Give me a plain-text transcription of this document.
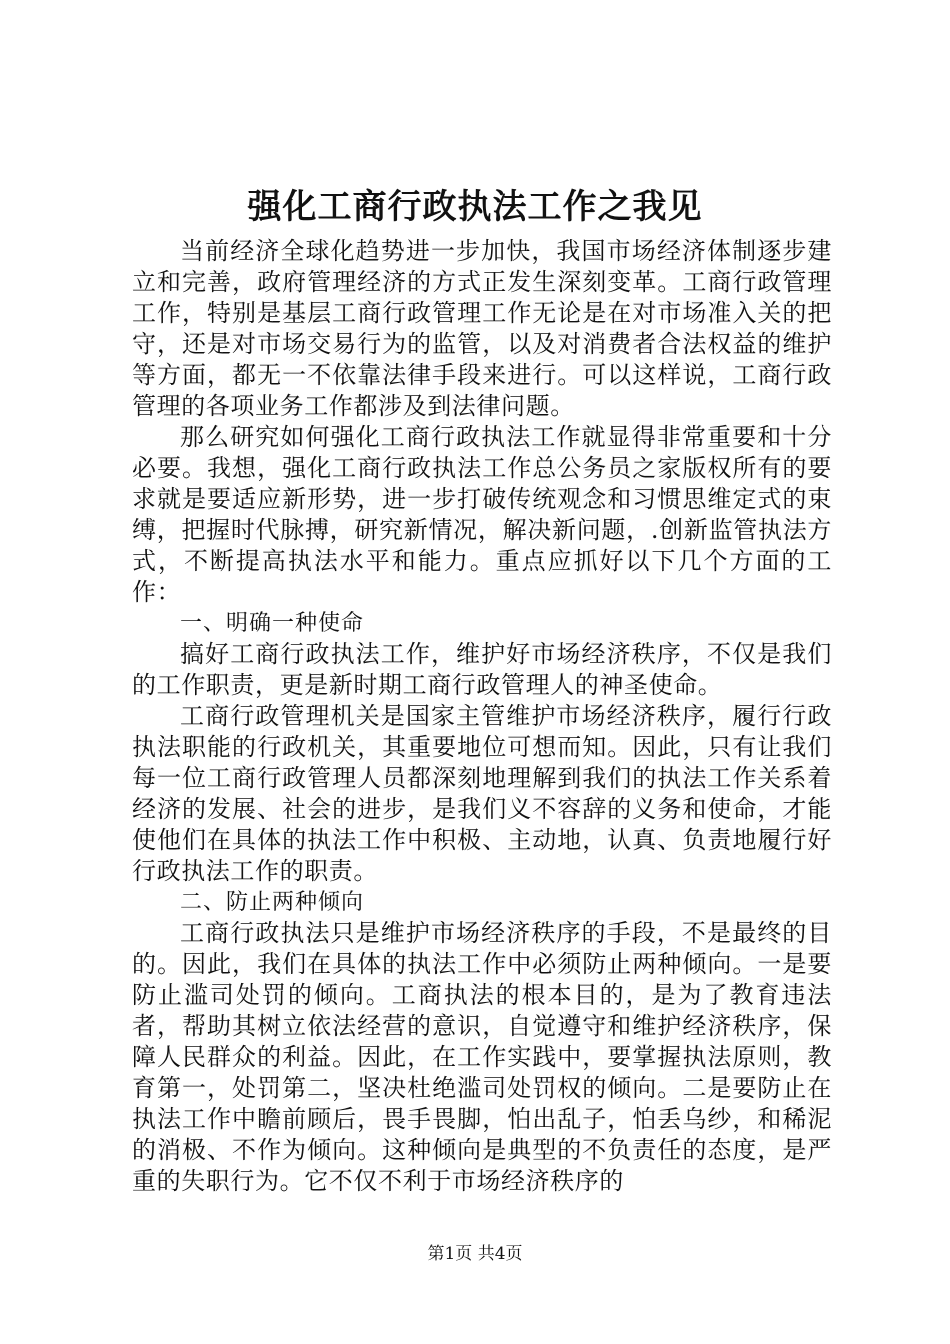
强化工商行政执法工作之我见

当前经济全球化趋势进一步加快，我国市场经济体制逐步建立和完善，政府管理经济的方式正发生深刻变革。工商行政管理工作，特别是基层工商行政管理工作无论是在对市场准入关的把守，还是对市场交易行为的监管，以及对消费者合法权益的维护等方面，都无一不依靠法律手段来进行。可以这样说，工商行政管理的各项业务工作都涉及到法律问题。

那么研究如何强化工商行政执法工作就显得非常重要和十分必要。我想，强化工商行政执法工作总公务员之家版权所有的要求就是要适应新形势，进一步打破传统观念和习惯思维定式的束缚，把握时代脉搏，研究新情况，解决新问题，.创新监管执法方式，不断提高执法水平和能力。重点应抓好以下几个方面的工作：

一、明确一种使命

搞好工商行政执法工作，维护好市场经济秩序，不仅是我们的工作职责，更是新时期工商行政管理人的神圣使命。

工商行政管理机关是国家主管维护市场经济秩序，履行行政执法职能的行政机关，其重要地位可想而知。因此，只有让我们每一位工商行政管理人员都深刻地理解到我们的执法工作关系着经济的发展、社会的进步，是我们义不容辞的义务和使命，才能使他们在具体的执法工作中积极、主动地，认真、负责地履行好行政执法工作的职责。

二、防止两种倾向

工商行政执法只是维护市场经济秩序的手段，不是最终的目的。因此，我们在具体的执法工作中必须防止两种倾向。一是要防止滥司处罚的倾向。工商执法的根本目的，是为了教育违法者，帮助其树立依法经营的意识，自觉遵守和维护经济秩序，保障人民群众的利益。因此，在工作实践中，要掌握执法原则，教育第一，处罚第二，坚决杜绝滥司处罚权的倾向。二是要防止在执法工作中瞻前顾后，畏手畏脚，怕出乱子，怕丢乌纱，和稀泥的消极、不作为倾向。这种倾向是典型的不负责任的态度，是严重的失职行为。它不仅不利于市场经济秩序的

第1页 共4页
